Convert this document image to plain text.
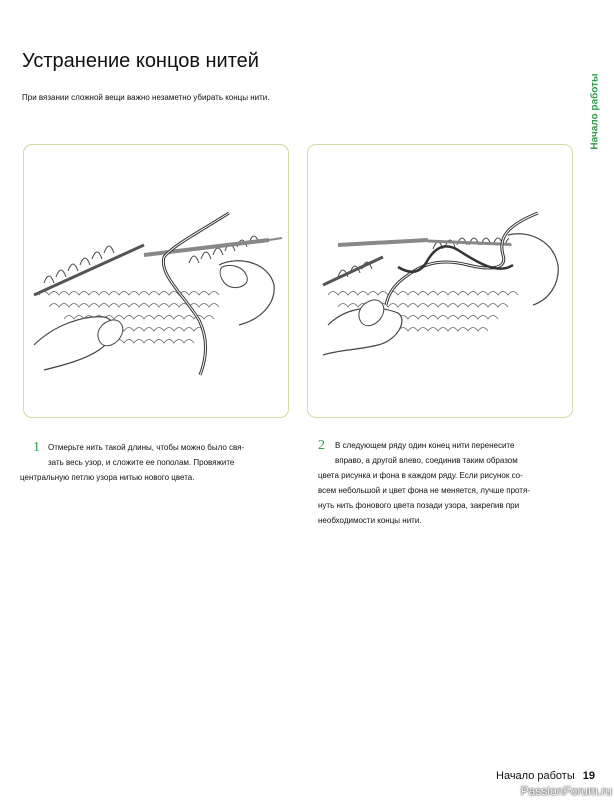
Устранение концов нитей
При вязании сложной вещи важно незаметно убирать концы нити.	Начало работы
1	Отмерьте нить такой длины, чтобы можно было свя-
зать весь узор, и сложите ее пополам. Провяжите
центральную петлю узора нитью нового цвета.
2	В следующем ряду один конец нити перенесите
вправо, а другой влево, соединив таким образом
цвета рисунка и фона в каждом ряду. Если рисунок со-
всем небольшой и цвет фона не меняется, лучше протя-
нуть нить фонового цвета позади узора, закрепив при
необходимости концы нити.
Начало работы 19
PassionForum.ru
